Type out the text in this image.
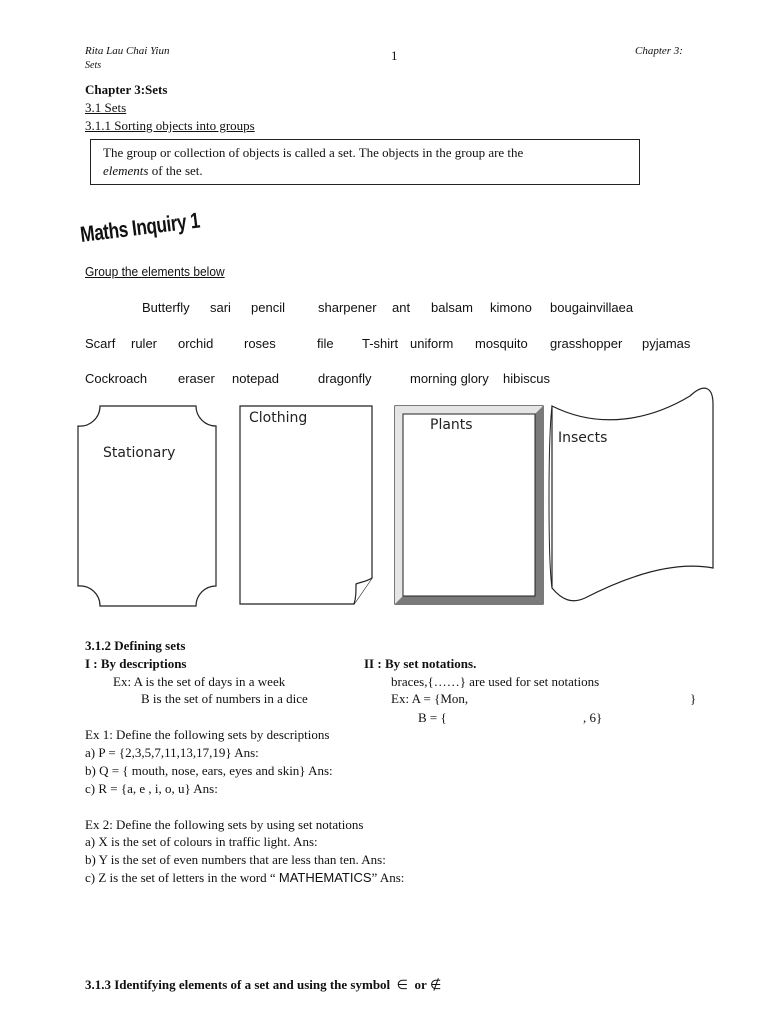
Rita Lau Chai Yiun
Sets
1	Chapter 3:
Chapter 3:Sets
3.1 Sets
3.1.1 Sorting objects into groups
The group or collection of objects is called a set. The objects in the group are the
elements of the set.
Maths Inquiry 1
Group the elements below
Butterfly sari pencil	sharpener ant balsam kimono bougainvillaea
Scarf ruler orchid roses	file T-shirt uniform mosquito grasshopper pyjamas
Cockroach eraser notepad	dragonfly	morning glory hibiscus
Stationary
Clothing	Plants
Insects
3.1.2 Defining sets
I : By descriptions	II : By set notations.
Ex: A is the set of days in a week
B is the set of numbers in a dice
braces,{……} are used for set notations
Ex: A = {Mon,	}
B = {	, 6}
Ex 1: Define the following sets by descriptions
a) P = {2,3,5,7,11,13,17,19} Ans:
b) Q = { mouth, nose, ears, eyes and skin} Ans:
c) R = {a, e , i, o, u} Ans:
Ex 2: Define the following sets by using set notations
a) X is the set of colours in traffic light. Ans:
b) Y is the set of even numbers that are less than ten. Ans:
c) Z is the set of letters in the word “ MATHEMATICS” Ans:
3.1.3 Identifying elements of a set and using the symbol ∈ or ∉
